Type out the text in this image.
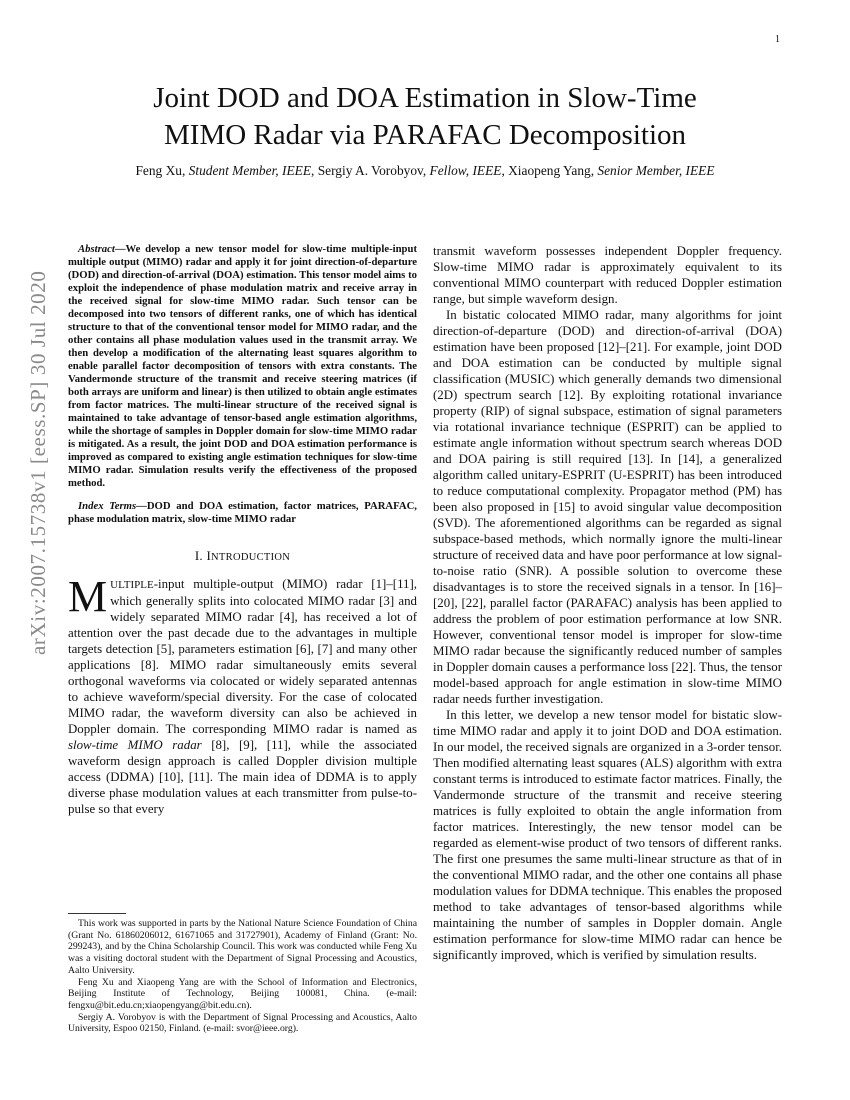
1
arXiv:2007.15738v1 [eess.SP] 30 Jul 2020
Joint DOD and DOA Estimation in Slow-Time
MIMO Radar via PARAFAC Decomposition
Feng Xu, Student Member, IEEE, Sergiy A. Vorobyov, Fellow, IEEE, Xiaopeng Yang, Senior Member, IEEE

Abstract—We develop a new tensor model for slow-time multiple-input multiple output (MIMO) radar and apply it for joint direction-of-departure (DOD) and direction-of-arrival (DOA) estimation. This tensor model aims to exploit the independence of phase modulation matrix and receive array in the received signal for slow-time MIMO radar. Such tensor can be decomposed into two tensors of different ranks, one of which has identical structure to that of the conventional tensor model for MIMO radar, and the other contains all phase modulation values used in the transmit array. We then develop a modification of the alternating least squares algorithm to enable parallel factor decomposition of tensors with extra constants. The Vandermonde structure of the transmit and receive steering matrices (if both arrays are uniform and linear) is then utilized to obtain angle estimates from factor matrices. The multi-linear structure of the received signal is maintained to take advantage of tensor-based angle estimation algorithms, while the shortage of samples in Doppler domain for slow-time MIMO radar is mitigated. As a result, the joint DOD and DOA estimation performance is improved as compared to existing angle estimation techniques for slow-time MIMO radar. Simulation results verify the effectiveness of the proposed method.

Index Terms—DOD and DOA estimation, factor matrices, PARAFAC, phase modulation matrix, slow-time MIMO radar

I. INTRODUCTION

MULTIPLE-input multiple-output (MIMO) radar [1]–[11], which generally splits into colocated MIMO radar [3] and widely separated MIMO radar [4], has received a lot of attention over the past decade due to the advantages in multiple targets detection [5], parameters estimation [6], [7] and many other applications [8]. MIMO radar simultaneously emits several orthogonal waveforms via colocated or widely separated antennas to achieve waveform/special diversity. For the case of colocated MIMO radar, the waveform diversity can also be achieved in Doppler domain. The corresponding MIMO radar is named as slow-time MIMO radar [8], [9], [11], while the associated waveform design approach is called Doppler division multiple access (DDMA) [10], [11]. The main idea of DDMA is to apply diverse phase modulation values at each transmitter from pulse-to-pulse so that every

This work was supported in parts by the National Nature Science Foundation of China (Grant No. 61860206012, 61671065 and 31727901), Academy of Finland (Grant: No. 299243), and by the China Scholarship Council. This work was conducted while Feng Xu was a visiting doctoral student with the Department of Signal Processing and Acoustics, Aalto University.

Feng Xu and Xiaopeng Yang are with the School of Information and Electronics, Beijing Institute of Technology, Beijing 100081, China. (e-mail: fengxu@bit.edu.cn;xiaopengyang@bit.edu.cn).

Sergiy A. Vorobyov is with the Department of Signal Processing and Acoustics, Aalto University, Espoo 02150, Finland. (e-mail: svor@ieee.org).

transmit waveform possesses independent Doppler frequency. Slow-time MIMO radar is approximately equivalent to its conventional MIMO counterpart with reduced Doppler estimation range, but simple waveform design.

In bistatic colocated MIMO radar, many algorithms for joint direction-of-departure (DOD) and direction-of-arrival (DOA) estimation have been proposed [12]–[21]. For example, joint DOD and DOA estimation can be conducted by multiple signal classification (MUSIC) which generally demands two dimensional (2D) spectrum search [12]. By exploiting rotational invariance property (RIP) of signal subspace, estimation of signal parameters via rotational invariance technique (ESPRIT) can be applied to estimate angle information without spectrum search whereas DOD and DOA pairing is still required [13]. In [14], a generalized algorithm called unitary-ESPRIT (U-ESPRIT) has been introduced to reduce computational complexity. Propagator method (PM) has been also proposed in [15] to avoid singular value decomposition (SVD). The aforementioned algorithms can be regarded as signal subspace-based methods, which normally ignore the multi-linear structure of received data and have poor performance at low signal-to-noise ratio (SNR). A possible solution to overcome these disadvantages is to store the received signals in a tensor. In [16]–[20], [22], parallel factor (PARAFAC) analysis has been applied to address the problem of poor estimation performance at low SNR. However, conventional tensor model is improper for slow-time MIMO radar because the significantly reduced number of samples in Doppler domain causes a performance loss [22]. Thus, the tensor model-based approach for angle estimation in slow-time MIMO radar needs further investigation.

In this letter, we develop a new tensor model for bistatic slow-time MIMO radar and apply it to joint DOD and DOA estimation. In our model, the received signals are organized in a 3-order tensor. Then modified alternating least squares (ALS) algorithm with extra constant terms is introduced to estimate factor matrices. Finally, the Vandermonde structure of the transmit and receive steering matrices is fully exploited to obtain the angle information from factor matrices. Interestingly, the new tensor model can be regarded as element-wise product of two tensors of different ranks. The first one presumes the same multi-linear structure as that of in the conventional MIMO radar, and the other one contains all phase modulation values for DDMA technique. This enables the proposed method to take advantages of tensor-based algorithms while maintaining the number of samples in Doppler domain. Angle estimation performance for slow-time MIMO radar can hence be significantly improved, which is verified by simulation results.
